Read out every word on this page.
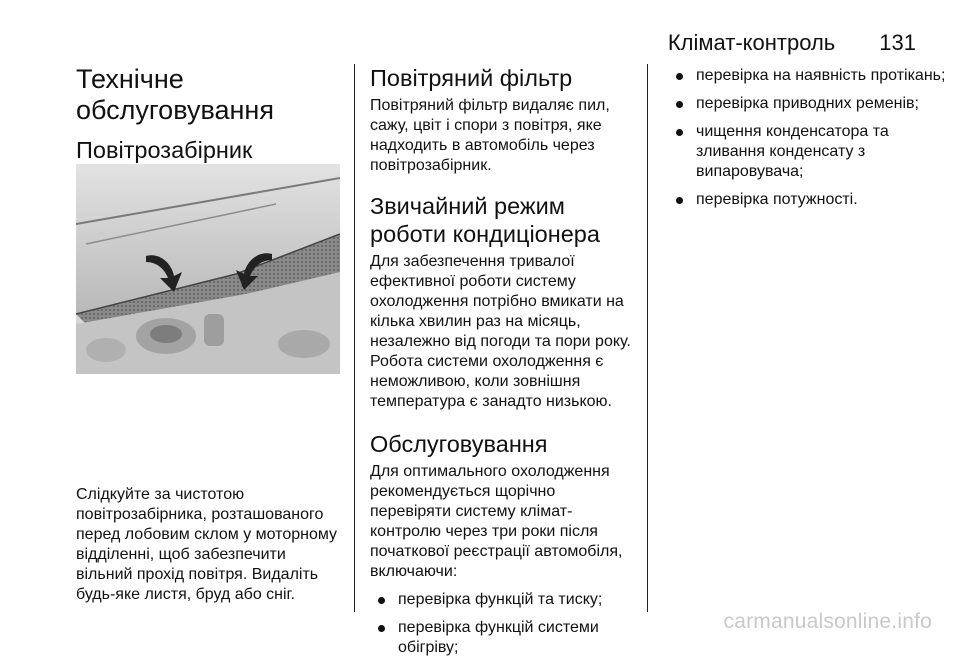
Клімат-контроль 131
Технічне обслуговування
Повітрозабірник

Слідкуйте за чистотою повітрозабірника, розташованого перед лобовим склом у моторному відділенні, щоб забезпечити вільний прохід повітря. Видаліть будь-яке листя, бруд або сніг.

Повітряний фільтр

Повітряний фільтр видаляє пил, сажу, цвіт і спори з повітря, яке надходить в автомобіль через повітрозабірник.

Звичайний режим роботи кондиціонера

Для забезпечення тривалої ефективної роботи систему охолодження потрібно вмикати на кілька хвилин раз на місяць, незалежно від погоди та пори року. Робота системи охолодження є неможливою, коли зовнішня температура є занадто низькою.

Обслуговування

Для оптимального охолодження рекомендується щорічно перевіряти систему клімат-контролю через три роки після початкової реєстрації автомобіля, включаючи:

перевірка функцій та тиску;
перевірка функцій системи обігріву;
перевірка на наявність протікань;
перевірка приводних ременів;
чищення конденсатора та зливання конденсату з випаровувача;
перевірка потужності.
carmanualsonline.info
